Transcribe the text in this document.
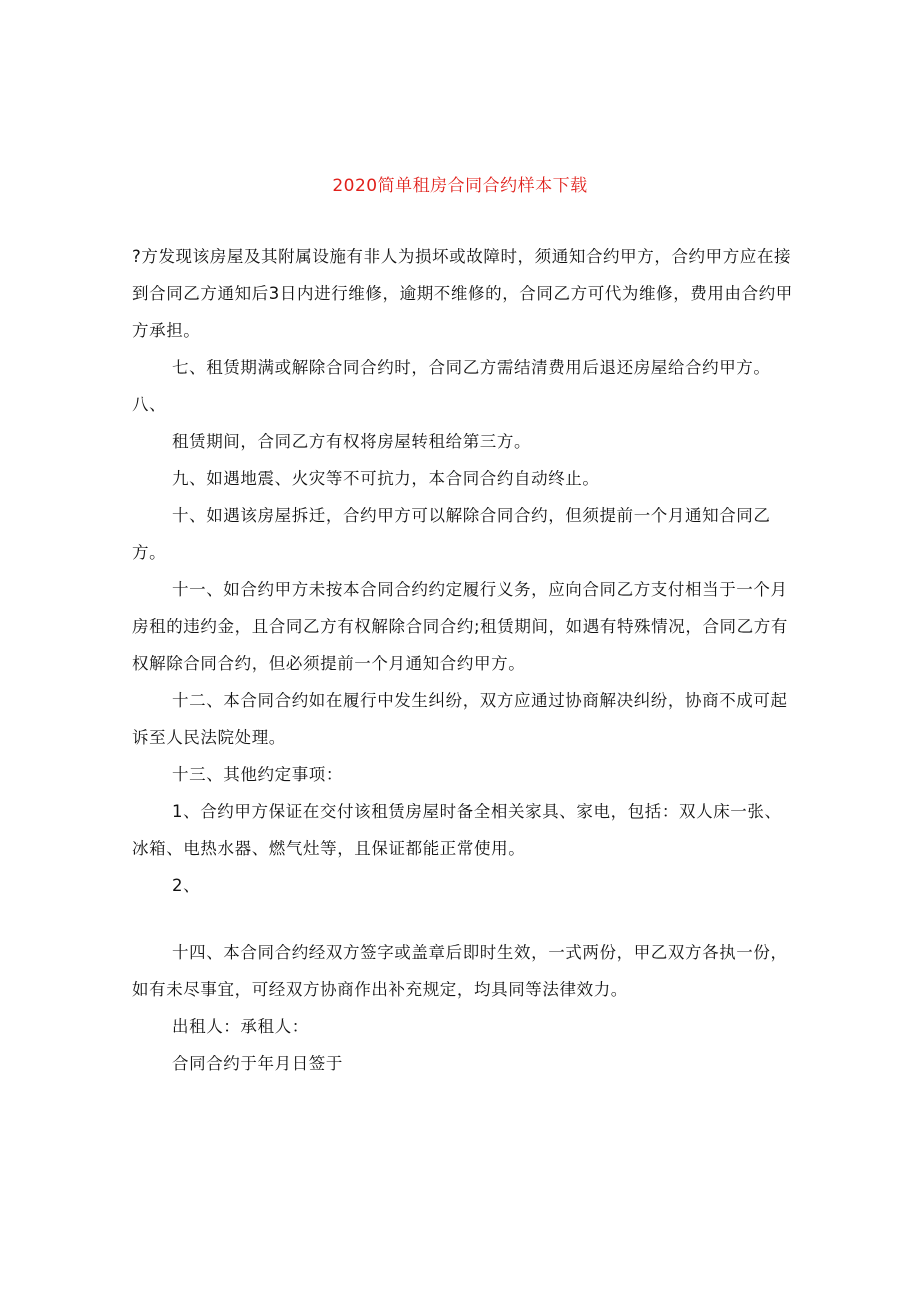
2020简单租房合同合约样本下载

?方发现该房屋及其附属设施有非人为损坏或故障时，须通知合约甲方，合约甲方应在接到合同乙方通知后3日内进行维修，逾期不维修的，合同乙方可代为维修，费用由合约甲方承担。

七、租赁期满或解除合同合约时，合同乙方需结清费用后退还房屋给合约甲方。八、

租赁期间，合同乙方有权将房屋转租给第三方。

九、如遇地震、火灾等不可抗力，本合同合约自动终止。

十、如遇该房屋拆迁，合约甲方可以解除合同合约，但须提前一个月通知合同乙方。

十一、如合约甲方未按本合同合约约定履行义务，应向合同乙方支付相当于一个月房租的违约金，且合同乙方有权解除合同合约;租赁期间，如遇有特殊情况，合同乙方有权解除合同合约，但必须提前一个月通知合约甲方。

十二、本合同合约如在履行中发生纠纷，双方应通过协商解决纠纷，协商不成可起诉至人民法院处理。

十三、其他约定事项：

1、合约甲方保证在交付该租赁房屋时备全相关家具、家电，包括：双人床一张、冰箱、电热水器、燃气灶等，且保证都能正常使用。

2、

十四、本合同合约经双方签字或盖章后即时生效，一式两份，甲乙双方各执一份，如有未尽事宜，可经双方协商作出补充规定，均具同等法律效力。

出租人：承租人：

合同合约于年月日签于
